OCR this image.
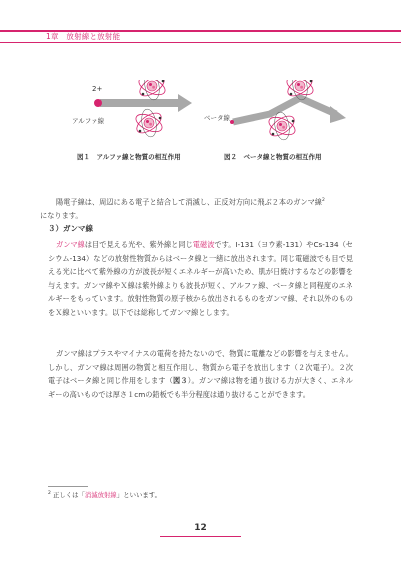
1章　放射線と放射能
2+
アルファ線	ベータ線
図１　アルファ線と物質の相互作用	図２　ベータ線と物質の相互作用
陽電子線は、周辺にある電子と結合して消滅し、正反対方向に飛ぶ２本のガンマ線$^2$
になります。
３）ガンマ線
ガンマ線は目で見える光や、紫外線と同じ電磁波です。I-131（ヨウ素-131）やCs-134（セシウム-134）などの放射性物質からはベータ線と一緒に放出されます。同じ電磁波でも目で見える光に比べて紫外線の方が波長が短くエネルギーが高いため、肌が日焼けするなどの影響を与えます。ガンマ線やＸ線は紫外線よりも波長が短く、アルファ線、ベータ線と同程度のエネルギーをもっています。放射性物質の原子核から放出されるものをガンマ線、それ以外のものをＸ線といいます。以下では総称してガンマ線とします。
ガンマ線はプラスやマイナスの電荷を持たないので、物質に電離などの影響を与えません。しかし、ガンマ線は周囲の物質と相互作用し、物質から電子を放出します（２次電子）。２次電子はベータ線と同じ作用をします（図３）。ガンマ線は物を通り抜ける力が大きく、エネルギーの高いものでは厚さ１cmの鉛板でも半分程度は通り抜けることができます。
$^2$ 正しくは「消滅放射線」といいます。
12
